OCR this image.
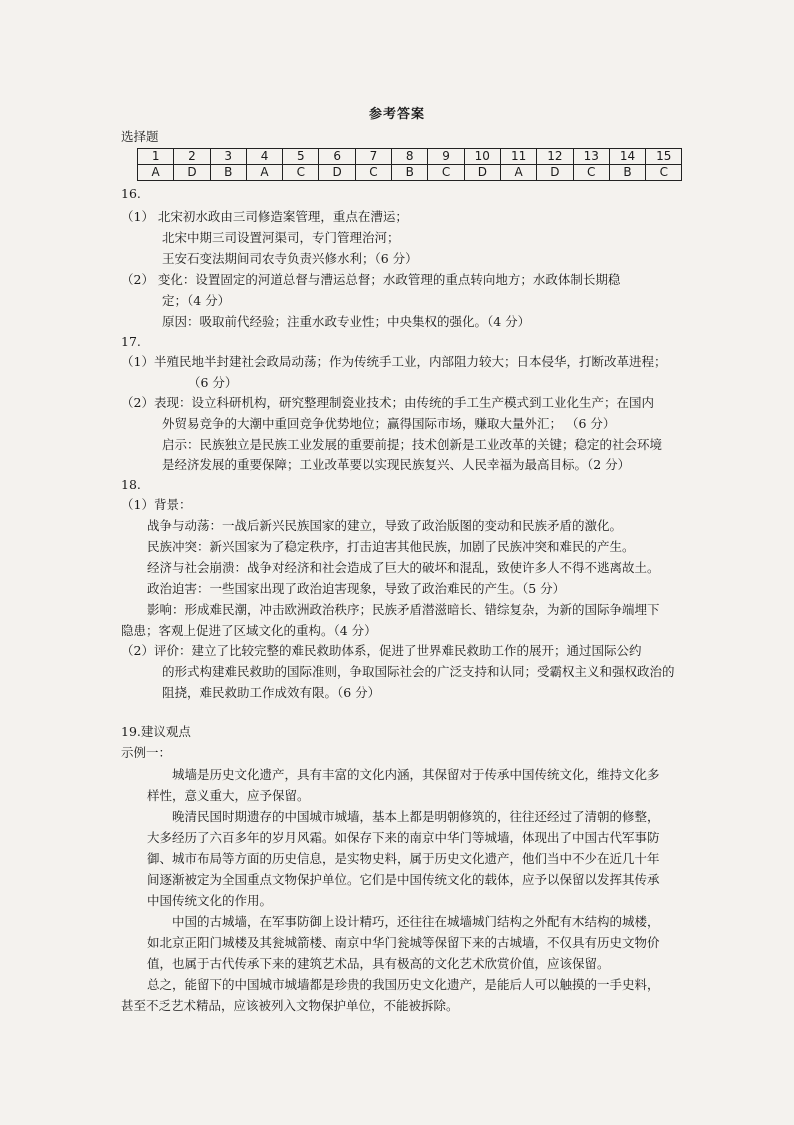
参考答案
选择题
1	2	3	4	5	6	7	8	9	10	11	12	13	14	15
A	D	B	A	C	D	C	B	C	D	A	D	C	B	C
16.
（1） 北宋初水政由三司修造案管理，重点在漕运；
北宋中期三司设置河渠司，专门管理治河；
王安石变法期间司农寺负责兴修水利；（6 分）
（2） 变化：设置固定的河道总督与漕运总督；水政管理的重点转向地方；水政体制长期稳
定；（4 分）
原因：吸取前代经验；注重水政专业性；中央集权的强化。（4 分）
17.
（1）半殖民地半封建社会政局动荡；作为传统手工业，内部阻力较大；日本侵华，打断改革进程；
（6 分）
（2）表现：设立科研机构，研究整理制瓷业技术；由传统的手工生产模式到工业化生产；在国内
外贸易竞争的大潮中重回竞争优势地位；赢得国际市场，赚取大量外汇； （6 分）
启示：民族独立是民族工业发展的重要前提；技术创新是工业改革的关键；稳定的社会环境
是经济发展的重要保障；工业改革要以实现民族复兴、人民幸福为最高目标。（2 分）
18.
（1）背景：
战争与动荡：一战后新兴民族国家的建立，导致了政治版图的变动和民族矛盾的激化。
民族冲突：新兴国家为了稳定秩序，打击迫害其他民族，加剧了民族冲突和难民的产生。
经济与社会崩溃：战争对经济和社会造成了巨大的破坏和混乱，致使许多人不得不逃离故土。
政治迫害：一些国家出现了政治迫害现象，导致了政治难民的产生。（5 分）
影响：形成难民潮，冲击欧洲政治秩序；民族矛盾潜滋暗长、错综复杂，为新的国际争端埋下
隐患；客观上促进了区域文化的重构。（4 分）
（2）评价：建立了比较完整的难民救助体系，促进了世界难民救助工作的展开；通过国际公约
的形式构建难民救助的国际准则，争取国际社会的广泛支持和认同；受霸权主义和强权政治的
阻挠，难民救助工作成效有限。（6 分）
19.建议观点
示例一：
城墙是历史文化遗产，具有丰富的文化内涵，其保留对于传承中国传统文化，维持文化多
样性，意义重大，应予保留。
晚清民国时期遗存的中国城市城墙，基本上都是明朝修筑的，往往还经过了清朝的修整，
大多经历了六百多年的岁月风霜。如保存下来的南京中华门等城墙，体现出了中国古代军事防
御、城市布局等方面的历史信息，是实物史料，属于历史文化遗产，他们当中不少在近几十年
间逐渐被定为全国重点文物保护单位。它们是中国传统文化的载体，应予以保留以发挥其传承
中国传统文化的作用。
中国的古城墙，在军事防御上设计精巧，还往往在城墙城门结构之外配有木结构的城楼，
如北京正阳门城楼及其瓮城箭楼、南京中华门瓮城等保留下来的古城墙，不仅具有历史文物价
值，也属于古代传承下来的建筑艺术品，具有极高的文化艺术欣赏价值，应该保留。
总之，能留下的中国城市城墙都是珍贵的我国历史文化遗产，是能后人可以触摸的一手史料，
甚至不乏艺术精品，应该被列入文物保护单位，不能被拆除。
